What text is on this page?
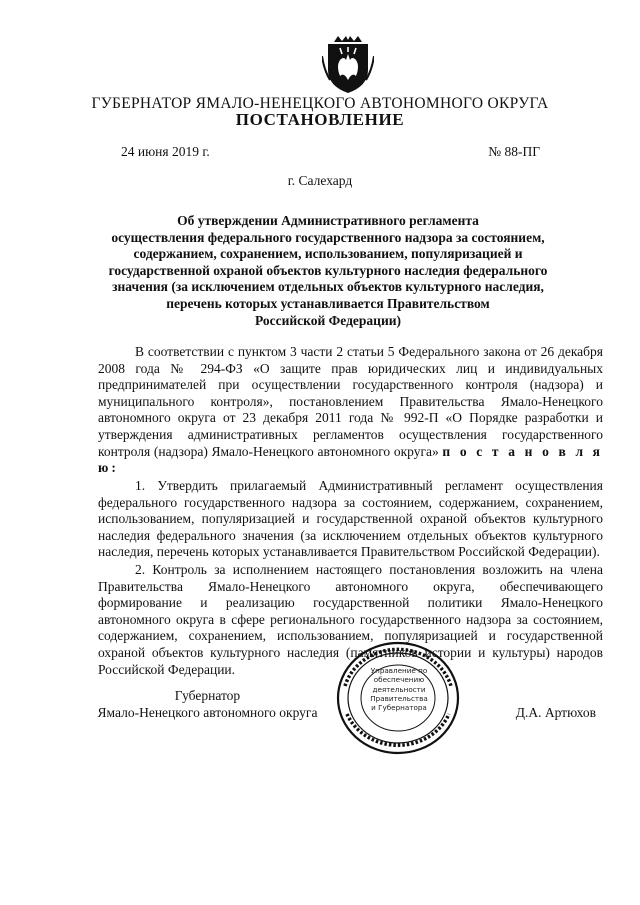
ГУБЕРНАТОР ЯМАЛО-НЕНЕЦКОГО АВТОНОМНОГО ОКРУГА
ПОСТАНОВЛЕНИЕ
24 июня 2019 г.	№ 88-ПГ
г. Салехард
Об утверждении Административного регламента
осуществления федерального государственного надзора за состоянием,
содержанием, сохранением, использованием, популяризацией и
государственной охраной объектов культурного наследия федерального
значения (за исключением отдельных объектов культурного наследия,
перечень которых устанавливается Правительством
Российской Федерации)
В соответствии с пунктом 3 части 2 статьи 5 Федерального закона от 26 декабря 2008 года № 294-ФЗ «О защите прав юридических лиц и индивидуальных предпринимателей при осуществлении государственного контроля (надзора) и муниципального контроля», постановлением Правительства Ямало-Ненецкого автономного округа от 23 декабря 2011 года № 992-П «О Порядке разработки и утверждения административных регламентов осуществления государственного контроля (надзора) Ямало-Ненецкого автономного округа» п о с т а н о в л я ю:
1. Утвердить прилагаемый Административный регламент осуществления федерального государственного надзора за состоянием, содержанием, сохранением, использованием, популяризацией и государственной охраной объектов культурного наследия федерального значения (за исключением отдельных объектов культурного наследия, перечень которых устанавливается Правительством Российской Федерации).
2. Контроль за исполнением настоящего постановления возложить на члена Правительства Ямало-Ненецкого автономного округа, обеспечивающего формирование и реализацию государственной политики Ямало-Ненецкого автономного округа в сфере регионального государственного надзора за состоянием, содержанием, сохранением, использованием, популяризацией и государственной охраной объектов культурного наследия (памятников истории и культуры) народов Российской Федерации.
Губернатор
Ямало-Ненецкого автономного округа	Д.А. Артюхов
Управление по
обеспечению
деятельности
Правительства
и Губернатора
